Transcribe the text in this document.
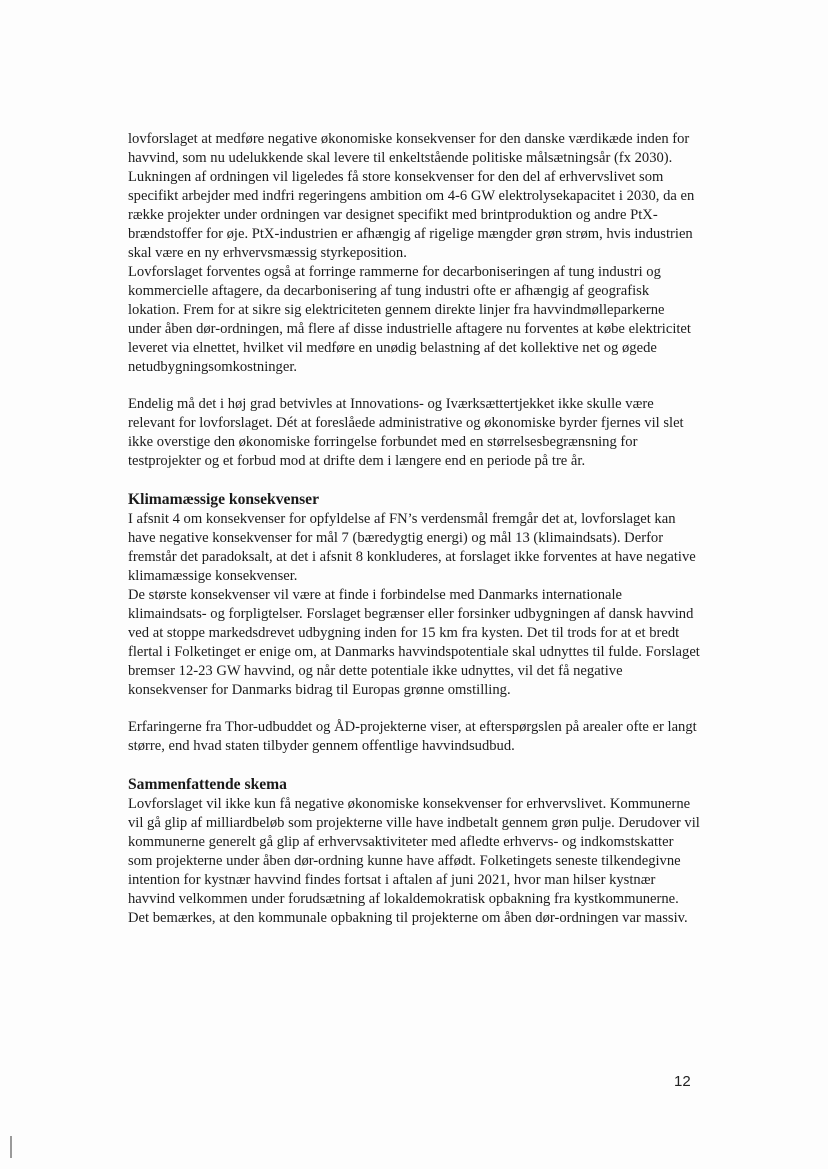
lovforslaget at medføre negative økonomiske konsekvenser for den danske værdikæde inden for havvind, som nu udelukkende skal levere til enkeltstående politiske målsætningsår (fx 2030).

Lukningen af ordningen vil ligeledes få store konsekvenser for den del af erhvervslivet som specifikt arbejder med indfri regeringens ambition om 4-6 GW elektrolysekapacitet i 2030, da en række projekter under ordningen var designet specifikt med brintproduktion og andre PtX-brændstoffer for øje. PtX-industrien er afhængig af rigelige mængder grøn strøm, hvis industrien skal være en ny erhvervsmæssig styrkeposition.

Lovforslaget forventes også at forringe rammerne for decarboniseringen af tung industri og kommercielle aftagere, da decarbonisering af tung industri ofte er afhængig af geografisk lokation. Frem for at sikre sig elektriciteten gennem direkte linjer fra havvindmølleparkerne under åben dør-ordningen, må flere af disse industrielle aftagere nu forventes at købe elektricitet leveret via elnettet, hvilket vil medføre en unødig belastning af det kollektive net og øgede netudbygningsomkostninger.

Endelig må det i høj grad betvivles at Innovations- og Iværksættertjekket ikke skulle være relevant for lovforslaget. Dét at foreslåede administrative og økonomiske byrder fjernes vil slet ikke overstige den økonomiske forringelse forbundet med en størrelsesbegrænsning for testprojekter og et forbud mod at drifte dem i længere end en periode på tre år.

Klimamæssige konsekvenser

I afsnit 4 om konsekvenser for opfyldelse af FN’s verdensmål fremgår det at, lovforslaget kan have negative konsekvenser for mål 7 (bæredygtig energi) og mål 13 (klimaindsats). Derfor fremstår det paradoksalt, at det i afsnit 8 konkluderes, at forslaget ikke forventes at have negative klimamæssige konsekvenser.

De største konsekvenser vil være at finde i forbindelse med Danmarks internationale klimaindsats- og forpligtelser. Forslaget begrænser eller forsinker udbygningen af dansk havvind ved at stoppe markedsdrevet udbygning inden for 15 km fra kysten. Det til trods for at et bredt flertal i Folketinget er enige om, at Danmarks havvindspotentiale skal udnyttes til fulde. Forslaget bremser 12-23 GW havvind, og når dette potentiale ikke udnyttes, vil det få negative konsekvenser for Danmarks bidrag til Europas grønne omstilling.

Erfaringerne fra Thor-udbuddet og ÅD-projekterne viser, at efterspørgslen på arealer ofte er langt større, end hvad staten tilbyder gennem offentlige havvindsudbud.

Sammenfattende skema

Lovforslaget vil ikke kun få negative økonomiske konsekvenser for erhvervslivet. Kommunerne vil gå glip af milliardbeløb som projekterne ville have indbetalt gennem grøn pulje. Derudover vil kommunerne generelt gå glip af erhvervsaktiviteter med afledte erhvervs- og indkomstskatter som projekterne under åben dør-ordning kunne have affødt. Folketingets seneste tilkendegivne intention for kystnær havvind findes fortsat i aftalen af juni 2021, hvor man hilser kystnær havvind velkommen under forudsætning af lokaldemokratisk opbakning fra kystkommunerne. Det bemærkes, at den kommunale opbakning til projekterne om åben dør-ordningen var massiv.

12
